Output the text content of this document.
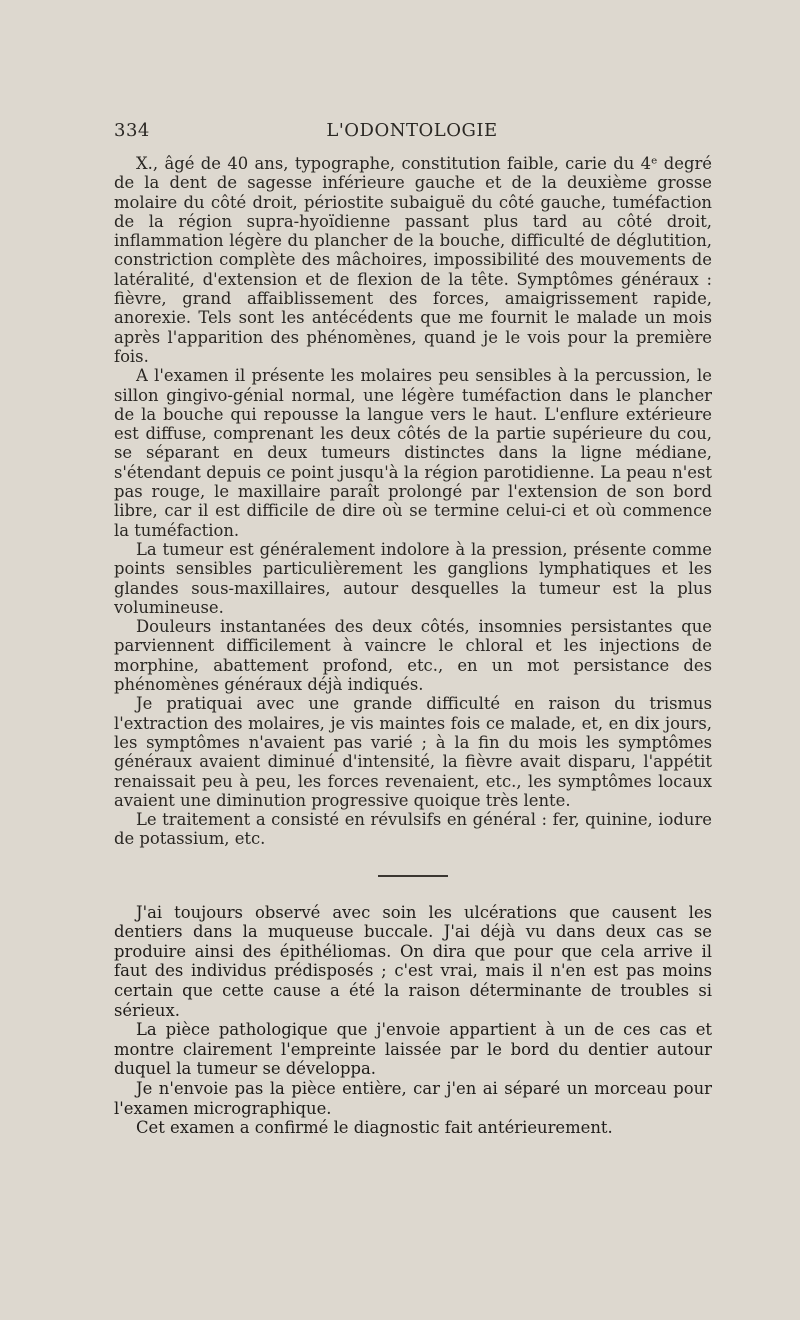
334	L'ODONTOLOGIE

X., âgé de 40 ans, typographe, constitution faible, carie du 4ᵉ degré de la dent de sagesse inférieure gauche et de la deuxième grosse molaire du côté droit, périostite subaiguë du côté gauche, tuméfaction de la région supra-hyoïdienne passant plus tard au côté droit, inflammation légère du plancher de la bouche, difficulté de déglutition, constriction complète des mâchoires, impossibilité des mouvements de latéralité, d'extension et de flexion de la tête. Symptômes généraux : fièvre, grand affaiblissement des forces, amaigrissement rapide, anorexie. Tels sont les antécédents que me fournit le malade un mois après l'apparition des phénomènes, quand je le vois pour la première fois.

A l'examen il présente les molaires peu sensibles à la percussion, le sillon gingivo-génial normal, une légère tuméfaction dans le plancher de la bouche qui repousse la langue vers le haut. L'enflure extérieure est diffuse, comprenant les deux côtés de la partie supérieure du cou, se séparant en deux tumeurs distinctes dans la ligne médiane, s'étendant depuis ce point jusqu'à la région parotidienne. La peau n'est pas rouge, le maxillaire paraît prolongé par l'extension de son bord libre, car il est difficile de dire où se termine celui-ci et où commence la tuméfaction.

La tumeur est généralement indolore à la pression, présente comme points sensibles particulièrement les ganglions lymphatiques et les glandes sous-maxillaires, autour desquelles la tumeur est la plus volumineuse.

Douleurs instantanées des deux côtés, insomnies persistantes que parviennent difficilement à vaincre le chloral et les injections de morphine, abattement profond, etc., en un mot persistance des phénomènes généraux déjà indiqués.

Je pratiquai avec une grande difficulté en raison du trismus l'extraction des molaires, je vis maintes fois ce malade, et, en dix jours, les symptômes n'avaient pas varié ; à la fin du mois les symptômes généraux avaient diminué d'intensité, la fièvre avait disparu, l'appétit renaissait peu à peu, les forces revenaient, etc., les symptômes locaux avaient une diminution progressive quoique très lente.

Le traitement a consisté en révulsifs en général : fer, quinine, iodure de potassium, etc.

J'ai toujours observé avec soin les ulcérations que causent les dentiers dans la muqueuse buccale. J'ai déjà vu dans deux cas se produire ainsi des épithéliomas. On dira que pour que cela arrive il faut des individus prédisposés ; c'est vrai, mais il n'en est pas moins certain que cette cause a été la raison déterminante de troubles si sérieux.

La pièce pathologique que j'envoie appartient à un de ces cas et montre clairement l'empreinte laissée par le bord du dentier autour duquel la tumeur se développa.

Je n'envoie pas la pièce entière, car j'en ai séparé un morceau pour l'examen micrographique.

Cet examen a confirmé le diagnostic fait antérieurement.
